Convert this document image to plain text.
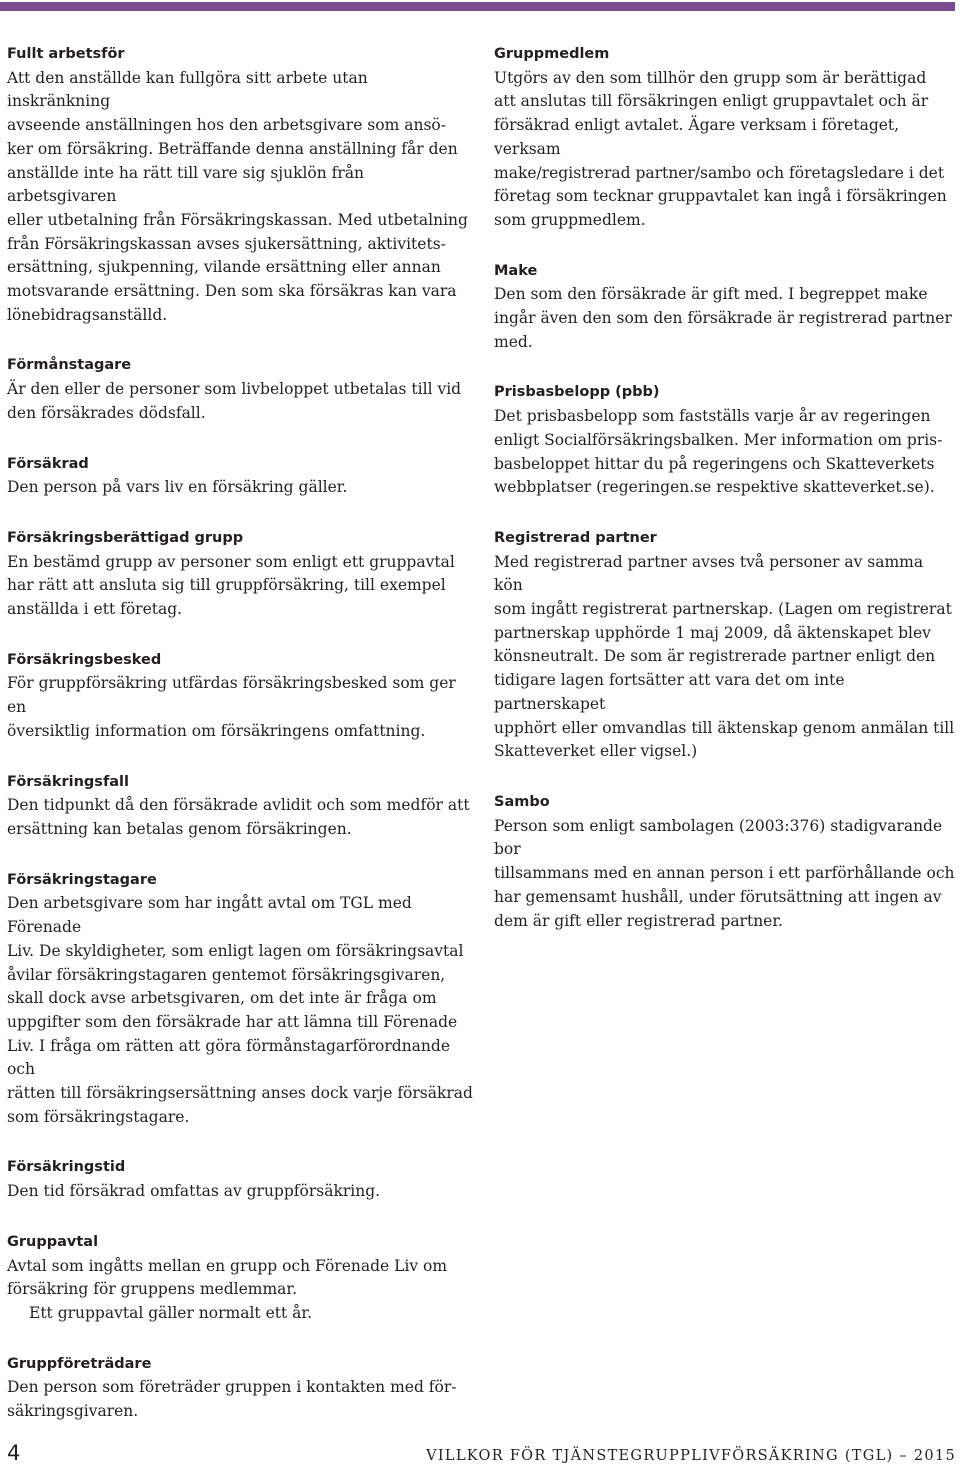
Fullt arbetsför
Att den anställde kan fullgöra sitt arbete utan inskränkning
avseende anställningen hos den arbetsgivare som ansö-
ker om försäkring. Beträffande denna anställning får den
anställde inte ha rätt till vare sig sjuklön från arbetsgivaren
eller utbetalning från Försäkringskassan. Med utbetalning
från Försäkringskassan avses sjukersättning, aktivitets-
ersättning, sjukpenning, vilande ersättning eller annan
motsvarande ersättning. Den som ska försäkras kan vara
lönebidragsanställd.
Förmånstagare
Är den eller de personer som livbeloppet utbetalas till vid
den försäkrades dödsfall.
Försäkrad
Den person på vars liv en försäkring gäller.
Försäkringsberättigad grupp
En bestämd grupp av personer som enligt ett gruppavtal
har rätt att ansluta sig till gruppförsäkring, till exempel
anställda i ett företag.
Försäkringsbesked
För gruppförsäkring utfärdas försäkringsbesked som ger en
översiktlig information om försäkringens omfattning.
Försäkringsfall
Den tidpunkt då den försäkrade avlidit och som medför att
ersättning kan betalas genom försäkringen.
Försäkringstagare
Den arbetsgivare som har ingått avtal om TGL med Förenade
Liv. De skyldigheter, som enligt lagen om försäkringsavtal
åvilar försäkringstagaren gentemot försäkringsgivaren,
skall dock avse arbetsgivaren, om det inte är fråga om
uppgifter som den försäkrade har att lämna till Förenade
Liv. I fråga om rätten att göra förmånstagarförordnande och
rätten till försäkringsersättning anses dock varje försäkrad
som försäkringstagare.
Försäkringstid
Den tid försäkrad omfattas av gruppförsäkring.
Gruppavtal
Avtal som ingåtts mellan en grupp och Förenade Liv om
försäkring för gruppens medlemmar.
Ett gruppavtal gäller normalt ett år.
Gruppföreträdare
Den person som företräder gruppen i kontakten med för-
säkringsgivaren.
Gruppmedlem
Utgörs av den som tillhör den grupp som är berättigad
att anslutas till försäkringen enligt gruppavtalet och är
försäkrad enligt avtalet. Ägare verksam i företaget, verksam
make/registrerad partner/sambo och företagsledare i det
företag som tecknar gruppavtalet kan ingå i försäkringen
som gruppmedlem.
Make
Den som den försäkrade är gift med. I begreppet make
ingår även den som den försäkrade är registrerad partner
med.
Prisbasbelopp (pbb)
Det prisbasbelopp som fastställs varje år av regeringen
enligt Socialförsäkringsbalken. Mer information om pris-
basbeloppet hittar du på regeringens och Skatteverkets
webbplatser (regeringen.se respektive skatteverket.se).
Registrerad partner
Med registrerad partner avses två personer av samma kön
som ingått registrerat partnerskap. (Lagen om registrerat
partnerskap upphörde 1 maj 2009, då äktenskapet blev
könsneutralt. De som är registrerade partner enligt den
tidigare lagen fortsätter att vara det om inte partnerskapet
upphört eller omvandlas till äktenskap genom anmälan till
Skatteverket eller vigsel.)
Sambo
Person som enligt sambolagen (2003:376) stadigvarande bor
tillsammans med en annan person i ett parförhållande och
har gemensamt hushåll, under förutsättning att ingen av
dem är gift eller registrerad partner.
4	VILLKOR FÖR TJÄNSTEGRUPPLIVFÖRSÄKRING (TGL) – 2015
